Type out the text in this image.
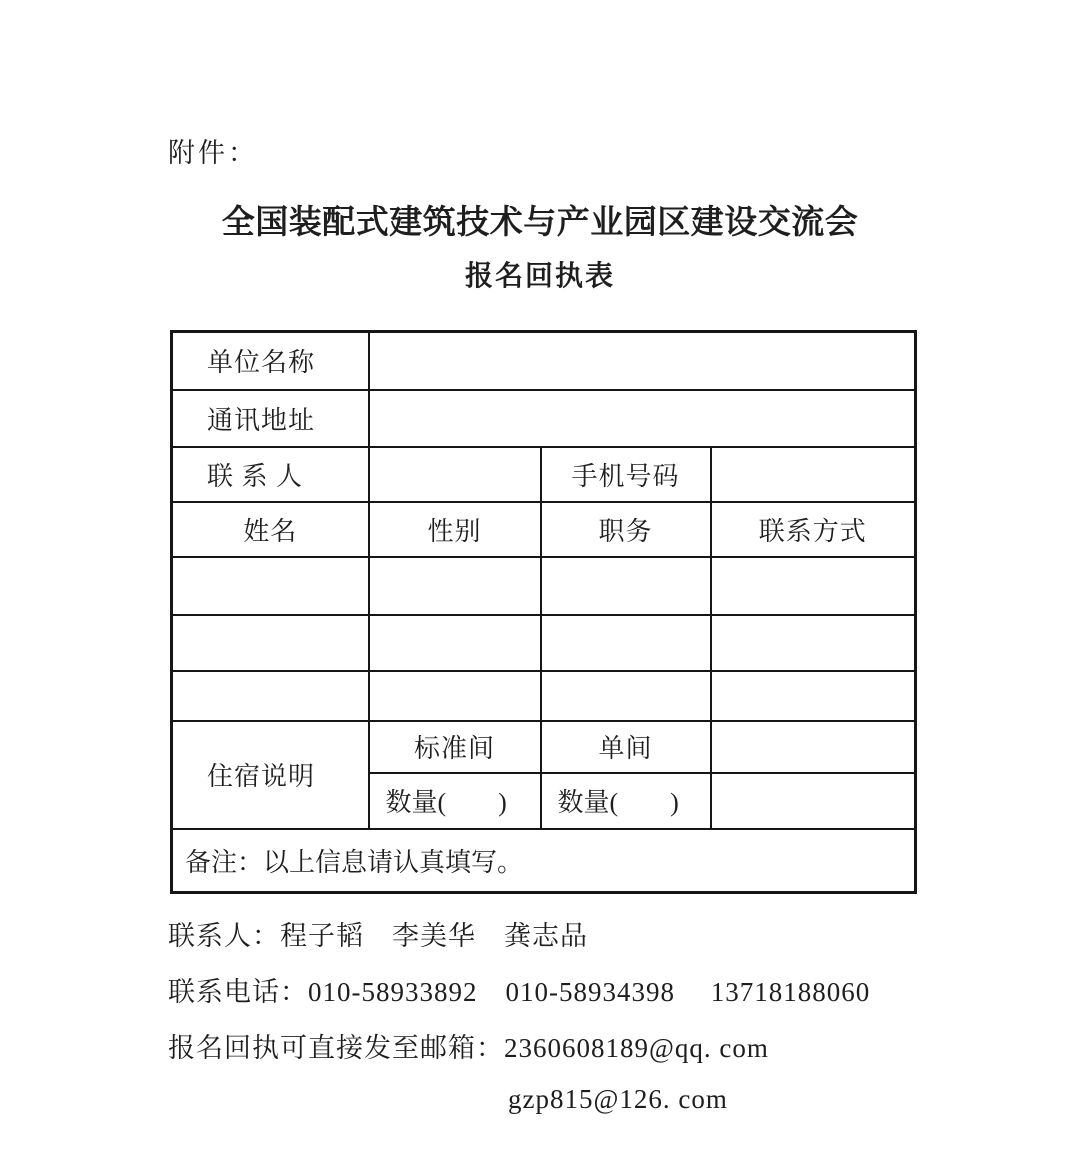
附件：
全国装配式建筑技术与产业园区建设交流会
报名回执表
单位名称			
通讯地址			
联 系 人		手机号码	
姓名	性别	职务	联系方式

住宿说明	标准间	单间	
	数量(　　)	数量(　　)	
备注：以上信息请认真填写。			
联系人：程子韬　李美华　龚志品
联系电话：010-58933892　010-58934398　 13718188060
报名回执可直接发至邮箱：2360608189@qq. com
gzp815@126. com
